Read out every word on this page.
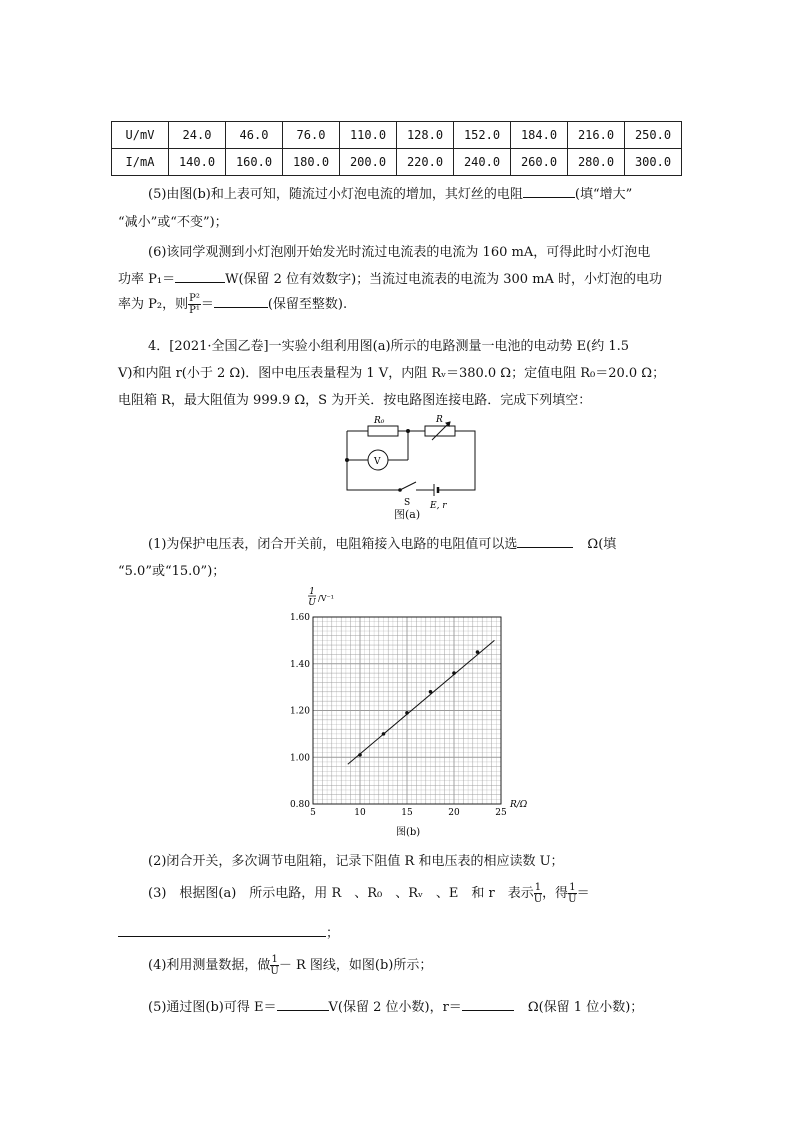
U/mV	24.0	46.0	76.0	110.0	128.0	152.0	184.0	216.0	250.0
I/mA	140.0	160.0	180.0	200.0	220.0	240.0	260.0	280.0	300.0
(5)由图(b)和上表可知，随流过小灯泡电流的增加，其灯丝的电阻	(填“增大”
“减小”或“不变”)；
(6)该同学观测到小灯泡刚开始发光时流过电流表的电流为 160 mA，可得此时小灯泡电
功率 P₁＝	W(保留 2 位有效数字)；当流过电流表的电流为 300 mA 时，小灯泡的电功
率为 P₂，则 $\frac{\text{P²}}{\text{P¹}}$ ＝	(保留至整数).
4．[2021·全国乙卷]一实验小组利用图(a)所示的电路测量一电池的电动势 E(约 1.5
V)和内阻 r(小于 2 Ω)．图中电压表量程为 1 V，内阻 Rᵥ＝380.0 Ω；定值电阻 R₀＝20.0 Ω；
电阻箱 R，最大阻值为 999.9 Ω，S 为开关．按电路图连接电路．完成下列填空：
R₀	R
V
S E, r
图(a)
(1)为保护电压表，闭合开关前，电阻箱接入电路的电阻值可以选	Ω(填
“5.0”或“15.0”)；
5	10	15	20	25
0.80
1.00
1.20
1.40
1.60
1
U /V⁻¹
R/Ω
图(b)
(2)闭合开关，多次调节电阻箱，记录下阻值 R 和电压表的相应读数 U；
(3)　根据图(a)　所示电路，用 R　、R₀　、Rᵥ　、E　和 r　表示 $\frac{1}{U}$ ，得 $\frac{1}{U}$ ＝
；
(4)利用测量数据，做 $\frac{1}{U} - R$ 图线，如图(b)所示；
(5)通过图(b)可得 E＝	V(保留 2 位小数)，r＝	Ω(保留 1 位小数)；
